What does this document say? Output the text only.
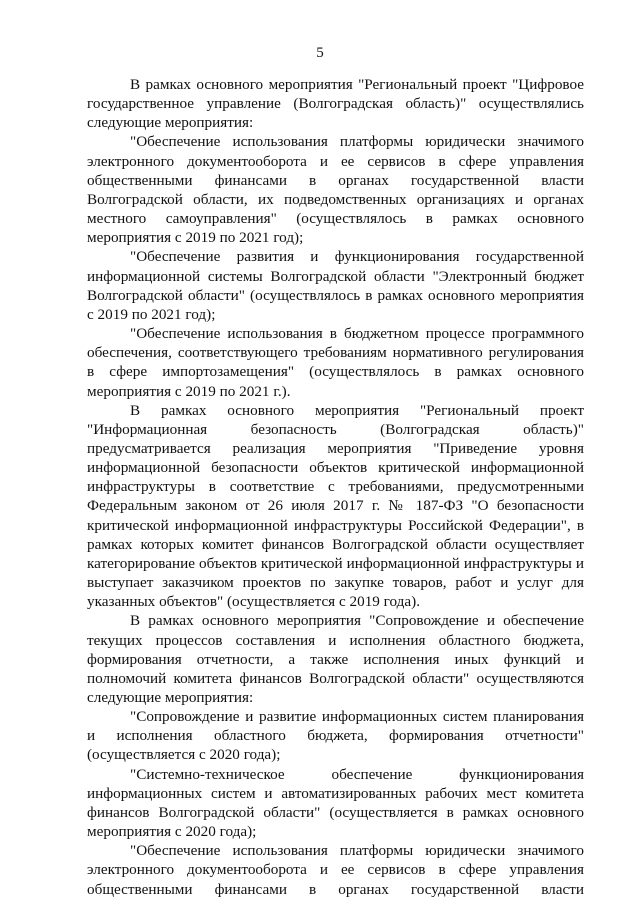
5

В рамках основного мероприятия "Региональный проект "Цифровое государственное управление (Волгоградская область)" осуществлялись следующие мероприятия:

"Обеспечение использования платформы юридически значимого электронного документооборота и ее сервисов в сфере управления общественными финансами в органах государственной власти Волгоградской области, их подведомственных организациях и органах местного самоуправления" (осуществлялось в рамках основного мероприятия с 2019 по 2021 год);

"Обеспечение развития и функционирования государственной информационной системы Волгоградской области "Электронный бюджет Волгоградской области" (осуществлялось в рамках основного мероприятия с 2019 по 2021 год);

"Обеспечение использования в бюджетном процессе программного обеспечения, соответствующего требованиям нормативного регулирования в сфере импортозамещения" (осуществлялось в рамках основного мероприятия с 2019 по 2021 г.).

В рамках основного мероприятия "Региональный проект "Информационная безопасность (Волгоградская область)" предусматривается реализация мероприятия "Приведение уровня информационной безопасности объектов критической информационной инфраструктуры в соответствие с требованиями, предусмотренными Федеральным законом от 26 июля 2017 г. № 187-ФЗ "О безопасности критической информационной инфраструктуры Российской Федерации", в рамках которых комитет финансов Волгоградской области осуществляет категорирование объектов критической информационной инфраструктуры и выступает заказчиком проектов по закупке товаров, работ и услуг для указанных объектов" (осуществляется с 2019 года).

В рамках основного мероприятия "Сопровождение и обеспечение текущих процессов составления и исполнения областного бюджета, формирования отчетности, а также исполнения иных функций и полномочий комитета финансов Волгоградской области" осуществляются следующие мероприятия:

"Сопровождение и развитие информационных систем планирования и исполнения областного бюджета, формирования отчетности" (осуществляется с 2020 года);

"Системно-техническое обеспечение функционирования информационных систем и автоматизированных рабочих мест комитета финансов Волгоградской области" (осуществляется в рамках основного мероприятия с 2020 года);

"Обеспечение использования платформы юридически значимого электронного документооборота и ее сервисов в сфере управления общественными финансами в органах государственной власти
